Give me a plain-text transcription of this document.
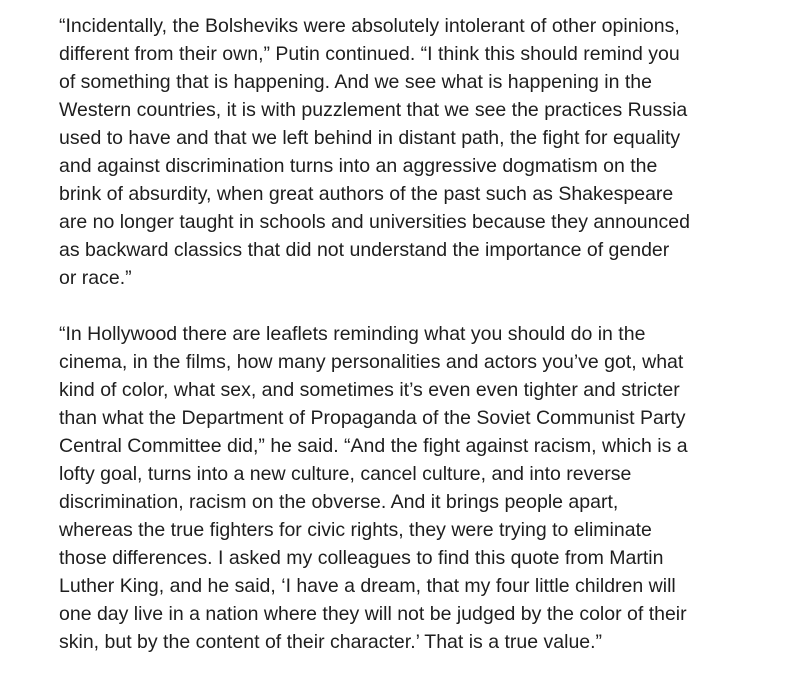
“Incidentally, the Bolsheviks were absolutely intolerant of other opinions,
different from their own,” Putin continued. “I think this should remind you
of something that is happening. And we see what is happening in the
Western countries, it is with puzzlement that we see the practices Russia
used to have and that we left behind in distant path, the fight for equality
and against discrimination turns into an aggressive dogmatism on the
brink of absurdity, when great authors of the past such as Shakespeare
are no longer taught in schools and universities because they announced
as backward classics that did not understand the importance of gender
or race.”

“In Hollywood there are leaflets reminding what you should do in the
cinema, in the films, how many personalities and actors you’ve got, what
kind of color, what sex, and sometimes it’s even even tighter and stricter
than what the Department of Propaganda of the Soviet Communist Party
Central Committee did,” he said. “And the fight against racism, which is a
lofty goal, turns into a new culture, cancel culture, and into reverse
discrimination, racism on the obverse. And it brings people apart,
whereas the true fighters for civic rights, they were trying to eliminate
those differences. I asked my colleagues to find this quote from Martin
Luther King, and he said, ‘I have a dream, that my four little children will
one day live in a nation where they will not be judged by the color of their
skin, but by the content of their character.’ That is a true value.”
